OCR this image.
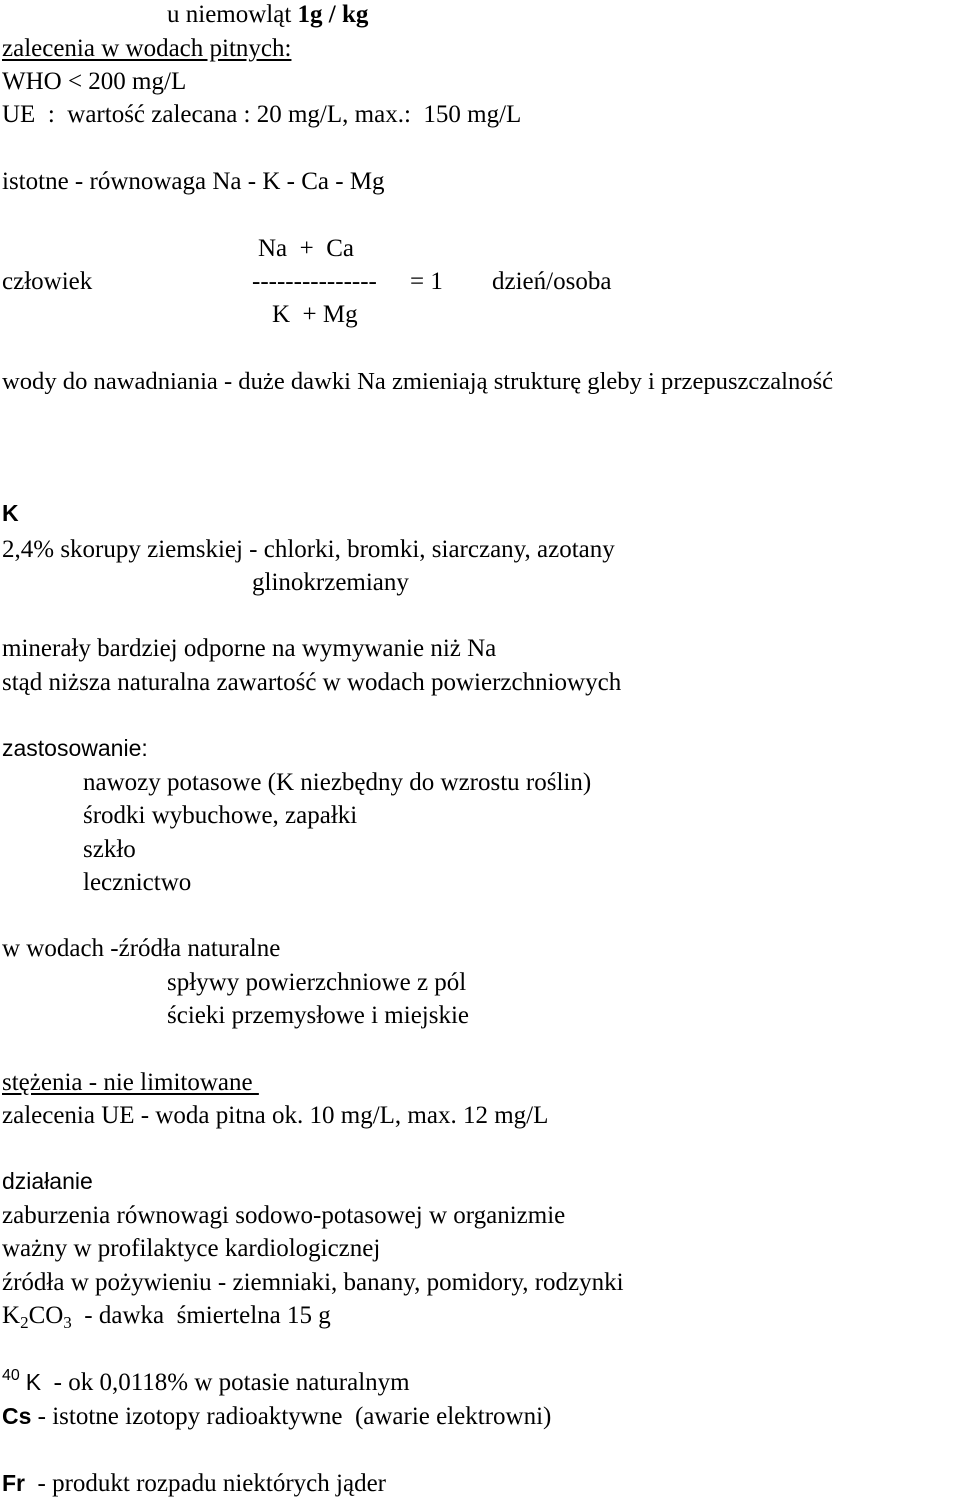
u niemowląt 1g / kg

zalecenia w wodach pitnych:

WHO < 200 mg/L

UE  :  wartość zalecana : 20 mg/L, max.:  150 mg/L

istotne - równowaga Na - K - Ca - Mg

Na  +  Ca

człowiek	--------------- = 1 dzień/osoba

K  + Mg

wody do nawadniania - duże dawki Na zmieniają strukturę gleby i przepuszczalność

K

2,4% skorupy ziemskiej - chlorki, bromki, siarczany, azotany

glinokrzemiany

minerały bardziej odporne na wymywanie niż Na

stąd niższa naturalna zawartość w wodach powierzchniowych

zastosowanie:

nawozy potasowe (K niezbędny do wzrostu roślin)

środki wybuchowe, zapałki

szkło

lecznictwo

w wodach -źródła naturalne

spływy powierzchniowe z pól

ścieki przemysłowe i miejskie

stężenia - nie limitowane

zalecenia UE - woda pitna ok. 10 mg/L, max. 12 mg/L

działanie

zaburzenia równowagi sodowo-potasowej w organizmie

ważny w profilaktyce kardiologicznej

źródła w pożywieniu - ziemniaki, banany, pomidory, rodzynki

$K_2CO_3$  - dawka  śmiertelna 15 g

$^{40}$ K  - ok 0,0118% w potasie naturalnym

Cs - istotne izotopy radioaktywne  (awarie elektrowni)

Fr  - produkt rozpadu niektórych jąder
